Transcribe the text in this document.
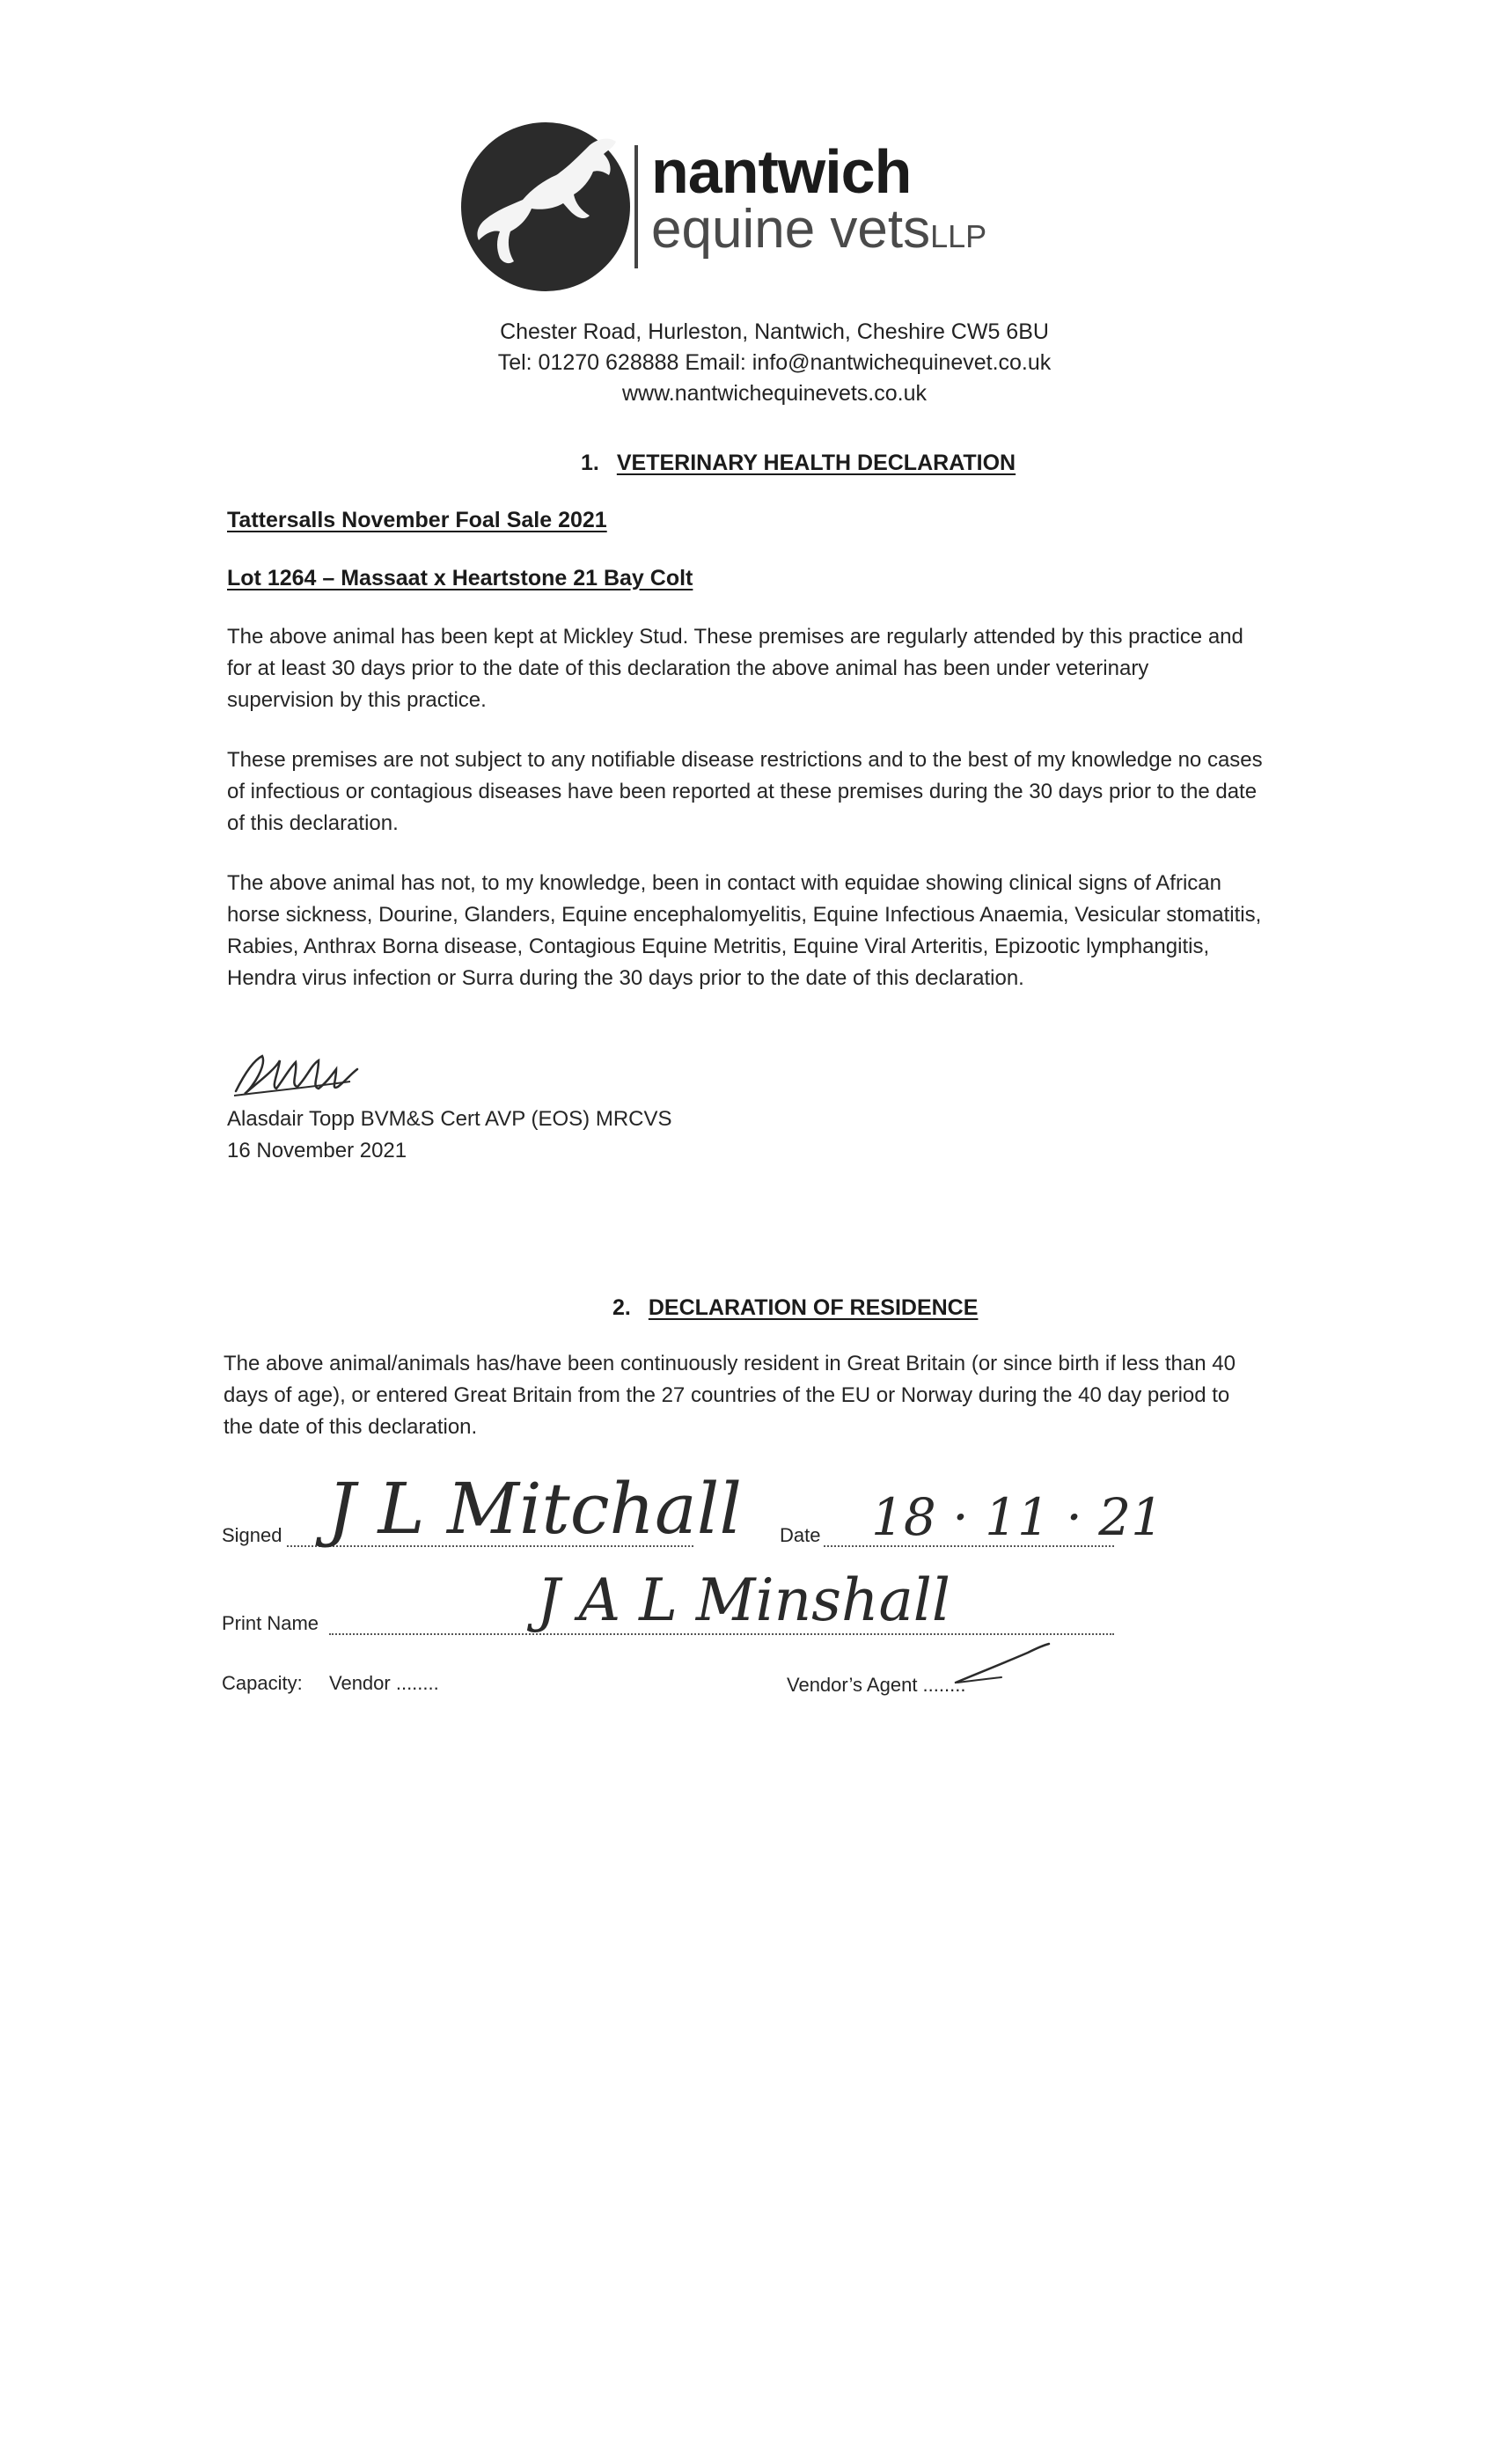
nantwich
equine vetsLLP
Chester Road, Hurleston, Nantwich, Cheshire CW5 6BU
Tel: 01270 628888 Email: info@nantwichequinevet.co.uk
www.nantwichequinevets.co.uk
1. VETERINARY HEALTH DECLARATION
Tattersalls November Foal Sale 2021
Lot 1264 – Massaat x Heartstone 21 Bay Colt
The above animal has been kept at Mickley Stud. These premises are regularly attended by this practice and
for at least 30 days prior to the date of this declaration the above animal has been under veterinary
supervision by this practice.
These premises are not subject to any notifiable disease restrictions and to the best of my knowledge no cases
of infectious or contagious diseases have been reported at these premises during the 30 days prior to the date
of this declaration.
The above animal has not, to my knowledge, been in contact with equidae showing clinical signs of African
horse sickness, Dourine, Glanders, Equine encephalomyelitis, Equine Infectious Anaemia, Vesicular stomatitis,
Rabies, Anthrax Borna disease, Contagious Equine Metritis, Equine Viral Arteritis, Epizootic lymphangitis,
Hendra virus infection or Surra during the 30 days prior to the date of this declaration.
Alasdair Topp BVM&S Cert AVP (EOS) MRCVS
16 November 2021
2. DECLARATION OF RESIDENCE
The above animal/animals has/have been continuously resident in Great Britain (or since birth if less than 40
days of age), or entered Great Britain from the 27 countries of the EU or Norway during the 40 day period to
the date of this declaration.
Signed J L Mitchall Date 18 · 11 · 21
Print Name	J A L Minshall
Capacity: Vendor ........	Vendor’s Agent ........
